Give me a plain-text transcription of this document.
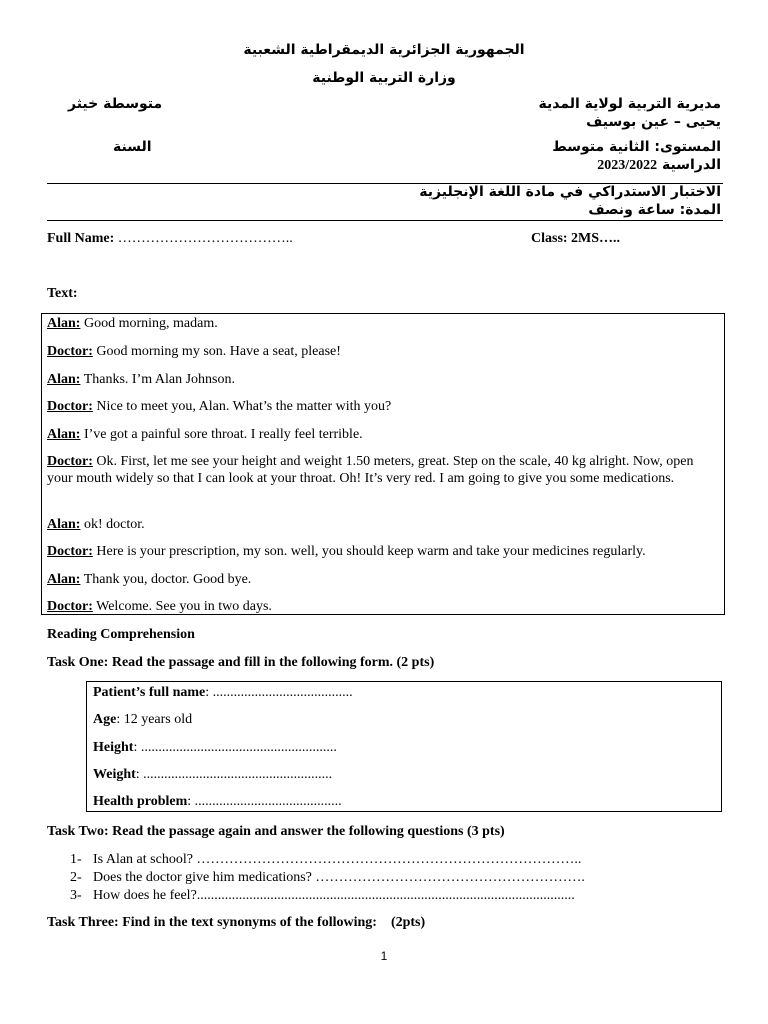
الجمهورية الجزائرية الديمقراطية الشعبية
وزارة التربية الوطنية
مديرية التربية لولاية المدية
يحيى – عين بوسيف
متوسطة خيثر
المستوى: الثانية متوسط
الدراسية 2023/2022
السنة
الاختبار الاستدراكي في مادة اللغة الإنجليزية
المدة: ساعة ونصف
Full Name: ………………………………..	Class: 2MS…..
Text:
Alan: Good morning, madam.
Doctor: Good morning my son. Have a seat, please!
Alan: Thanks. I’m Alan Johnson.
Doctor: Nice to meet you, Alan. What’s the matter with you?
Alan: I’ve got a painful sore throat. I really feel terrible.
Doctor: Ok. First, let me see your height and weight 1.50 meters, great. Step on the scale, 40 kg alright. Now, open your mouth widely so that I can look at your throat. Oh! It’s very red. I am going to give you some medications.
Alan: ok! doctor.
Doctor: Here is your prescription, my son. well, you should keep warm and take your medicines regularly.
Alan: Thank you, doctor. Good bye.
Doctor: Welcome. See you in two days.
Reading Comprehension
Task One: Read the passage and fill in the following form. (2 pts)
Patient’s full name: ........................................
Age: 12 years old
Height: ........................................................
Weight: ......................................................
Health problem: ..........................................
Task Two: Read the passage again and answer the following questions (3 pts)
1- Is Alan at school? ………………………………………………………………………..
2- Does the doctor give him medications? ………………………………………………….
3- How does he feel?............................................................................................................
Task Three: Find in the text synonyms of the following:    (2pts)
1
